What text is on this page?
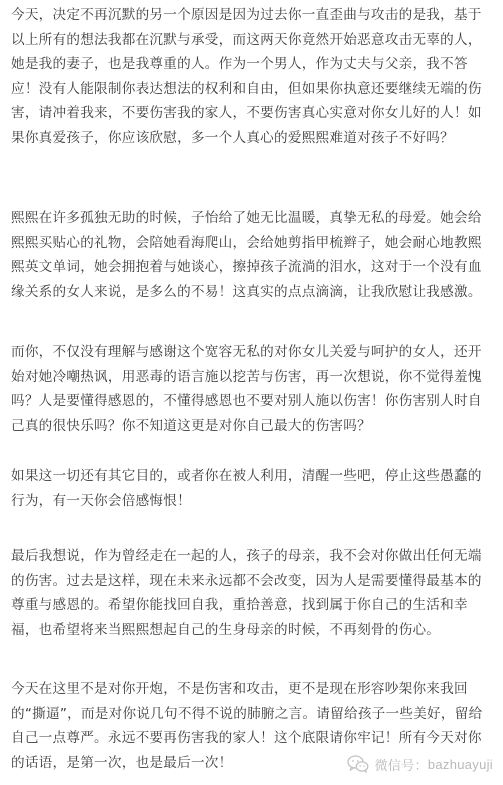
今天，决定不再沉默的另一个原因是因为过去你一直歪曲与攻击的是我，基于以上所有的想法我都在沉默与承受，而这两天你竟然开始恶意攻击无辜的人，她是我的妻子，也是我尊重的人。作为一个男人，作为丈夫与父亲，我不答应！没有人能限制你表达想法的权利和自由，但如果你执意还要继续无端的伤害，请冲着我来，不要伤害我的家人，不要伤害真心实意对你女儿好的人！如果你真爱孩子，你应该欣慰，多一个人真心的爱熙熙难道对孩子不好吗？

熙熙在许多孤独无助的时候，子怡给了她无比温暖，真挚无私的母爱。她会给熙熙买贴心的礼物，会陪她看海爬山，会给她剪指甲梳辫子，她会耐心地教熙熙英文单词，她会拥抱着与她谈心，擦掉孩子流淌的泪水，这对于一个没有血缘关系的女人来说，是多么的不易！这真实的点点滴滴，让我欣慰让我感激。

而你，不仅没有理解与感谢这个宽容无私的对你女儿关爱与呵护的女人，还开始对她冷嘲热讽，用恶毒的语言施以挖苦与伤害，再一次想说，你不觉得羞愧吗？人是要懂得感恩的，不懂得感恩也不要对别人施以伤害！你伤害别人时自己真的很快乐吗？你不知道这更是对你自己最大的伤害吗？

如果这一切还有其它目的，或者你在被人利用，清醒一些吧，停止这些愚蠢的行为，有一天你会倍感悔恨！

最后我想说，作为曾经走在一起的人，孩子的母亲，我不会对你做出任何无端的伤害。过去是这样，现在未来永远都不会改变，因为人是需要懂得最基本的尊重与感恩的。希望你能找回自我，重拾善意，找到属于你自己的生活和幸福，也希望将来当熙熙想起自己的生身母亲的时候，不再刻骨的伤心。

今天在这里不是对你开炮，不是伤害和攻击，更不是现在形容吵架你来我回的“撕逼”，而是对你说几句不得不说的肺腑之言。请留给孩子一些美好，留给自己一点尊严。永远不要再伤害我的家人！这个底限请你牢记！所有今天对你的话语，是第一次，也是最后一次！	微信号 ： bazhuayuji
